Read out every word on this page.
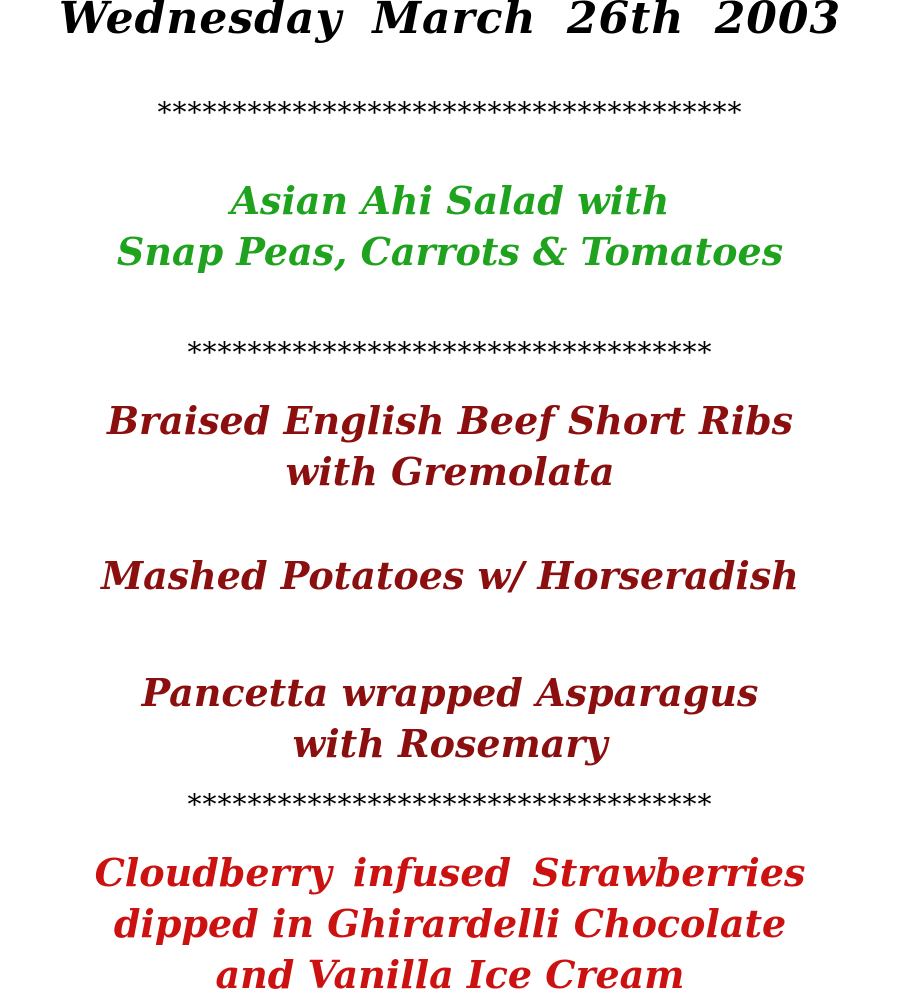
Wednesday March 26th 2003
***************************************
Asian Ahi Salad with
Snap Peas, Carrots & Tomatoes
***********************************
Braised English Beef Short Ribs
with Gremolata
Mashed Potatoes w/ Horseradish
Pancetta wrapped Asparagus
with Rosemary
***********************************
Cloudberry infused Strawberries
dipped in Ghirardelli Chocolate
and Vanilla Ice Cream
